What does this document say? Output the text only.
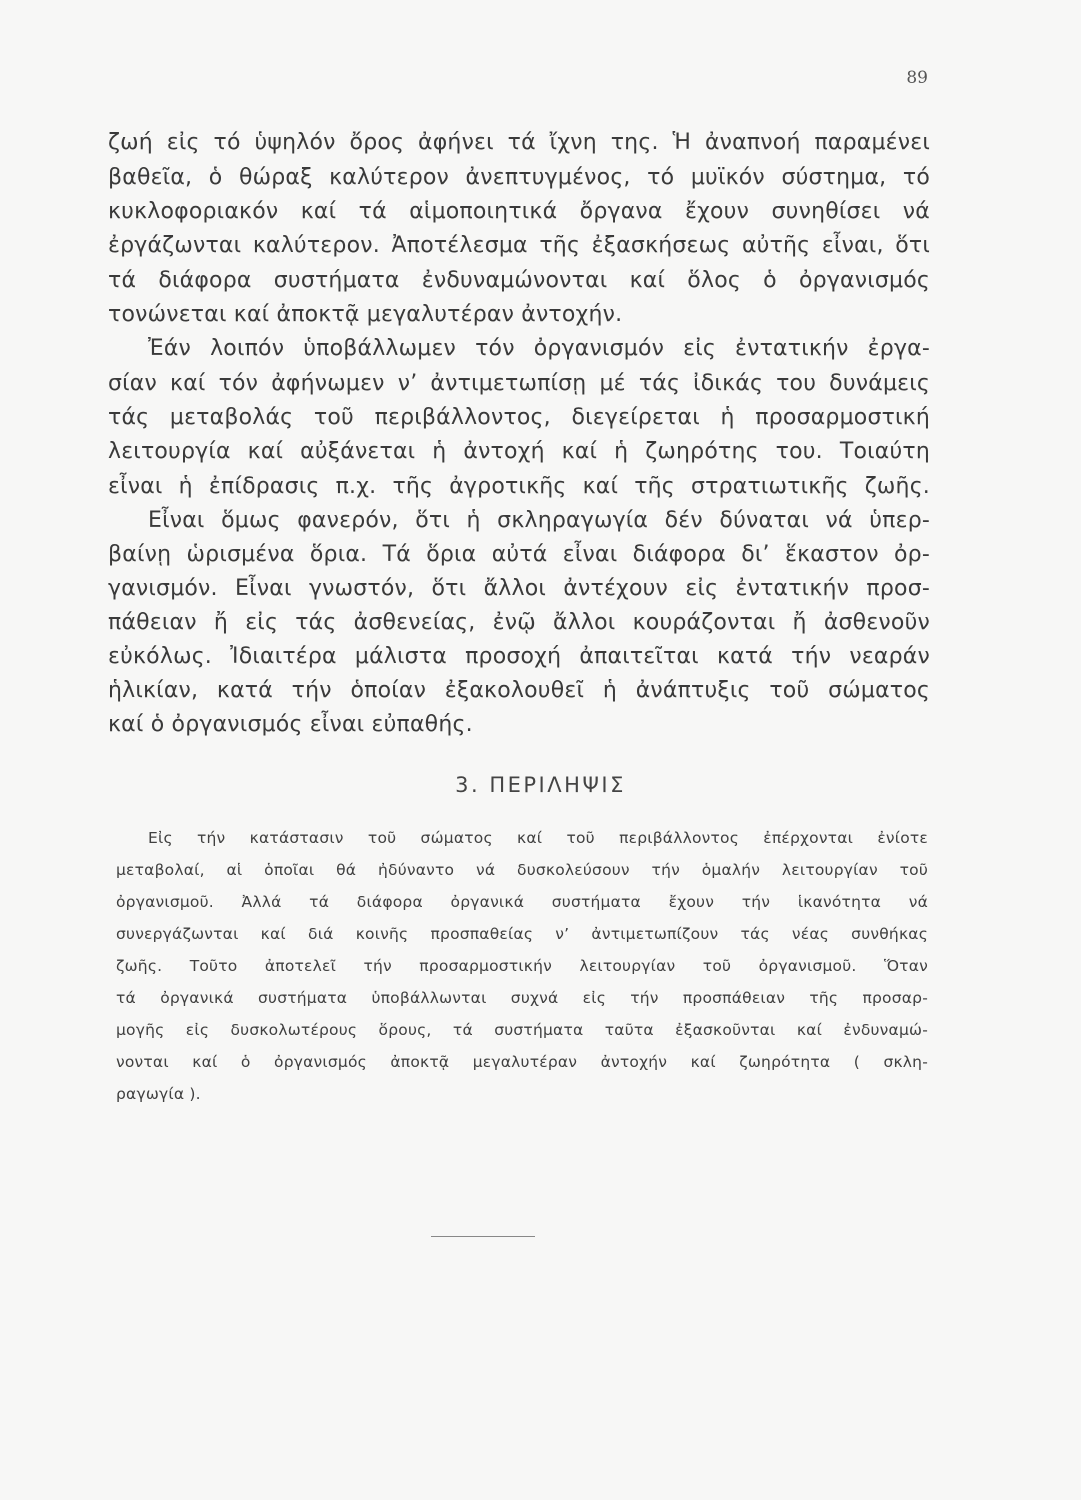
89
ζωή εἰς τό ὑψηλόν ὄρος ἀφήνει τά ἴχνη της. Ἡ ἀναπνοή παραμένει
βαθεῖα, ὁ θώραξ καλύτερον ἀνεπτυγμένος, τό μυϊκόν σύστημα, τό
κυκλοφοριακόν καί τά αἱμοποιητικά ὄργανα ἔχουν συνηθίσει νά
ἐργάζωνται καλύτερον. Ἀποτέλεσμα τῆς ἐξασκήσεως αὐτῆς εἶναι, ὅτι
τά διάφορα συστήματα ἐνδυναμώνονται καί ὅλος ὁ ὀργανισμός
τονώνεται καί ἀποκτᾷ μεγαλυτέραν ἀντοχήν.
Ἐάν λοιπόν ὑποβάλλωμεν τόν ὀργανισμόν εἰς ἐντατικήν ἐργα-
σίαν καί τόν ἀφήνωμεν ν’ ἀντιμετωπίσῃ μέ τάς ἰδικάς του δυνάμεις
τάς μεταβολάς τοῦ περιβάλλοντος, διεγείρεται ἡ προσαρμοστική
λειτουργία καί αὐξάνεται ἡ ἀντοχή καί ἡ ζωηρότης του. Τοιαύτη
εἶναι ἡ ἐπίδρασις π.χ. τῆς ἀγροτικῆς καί τῆς στρατιωτικῆς ζωῆς.
Εἶναι ὅμως φανερόν, ὅτι ἡ σκληραγωγία δέν δύναται νά ὑπερ-
βαίνῃ ὡρισμένα ὅρια. Τά ὅρια αὐτά εἶναι διάφορα δι’ ἕκαστον ὀρ-
γανισμόν. Εἶναι γνωστόν, ὅτι ἄλλοι ἀντέχουν εἰς ἐντατικήν προσ-
πάθειαν ἤ εἰς τάς ἀσθενείας, ἐνῷ ἄλλοι κουράζονται ἤ ἀσθενοῦν
εὐκόλως. Ἰδιαιτέρα μάλιστα προσοχή ἀπαιτεῖται κατά τήν νεαράν
ἡλικίαν, κατά τήν ὁποίαν ἐξακολουθεῖ ἡ ἀνάπτυξις τοῦ σώματος
καί ὁ ὀργανισμός εἶναι εὐπαθής.
3. ΠΕΡΙΛΗΨΙΣ
Εἰς τήν κατάστασιν τοῦ σώματος καί τοῦ περιβάλλοντος ἐπέρχονται ἐνίοτε
μεταβολαί, αἱ ὁποῖαι θά ἠδύναντο νά δυσκολεύσουν τήν ὁμαλήν λειτουργίαν τοῦ
ὀργανισμοῦ. Ἀλλά τά διάφορα ὀργανικά συστήματα ἔχουν τήν ἱκανότητα νά
συνεργάζωνται καί διά κοινῆς προσπαθείας ν’ ἀντιμετωπίζουν τάς νέας συνθήκας
ζωῆς. Τοῦτο ἀποτελεῖ τήν προσαρμοστικήν λειτουργίαν τοῦ ὀργανισμοῦ. Ὅταν
τά ὀργανικά συστήματα ὑποβάλλωνται συχνά εἰς τήν προσπάθειαν τῆς προσαρ-
μογῆς εἰς δυσκολωτέρους ὅρους, τά συστήματα ταῦτα ἐξασκοῦνται καί ἐνδυναμώ-
νονται καί ὁ ὀργανισμός ἀποκτᾷ μεγαλυτέραν ἀντοχήν καί ζωηρότητα ( σκλη-
ραγωγία ).
